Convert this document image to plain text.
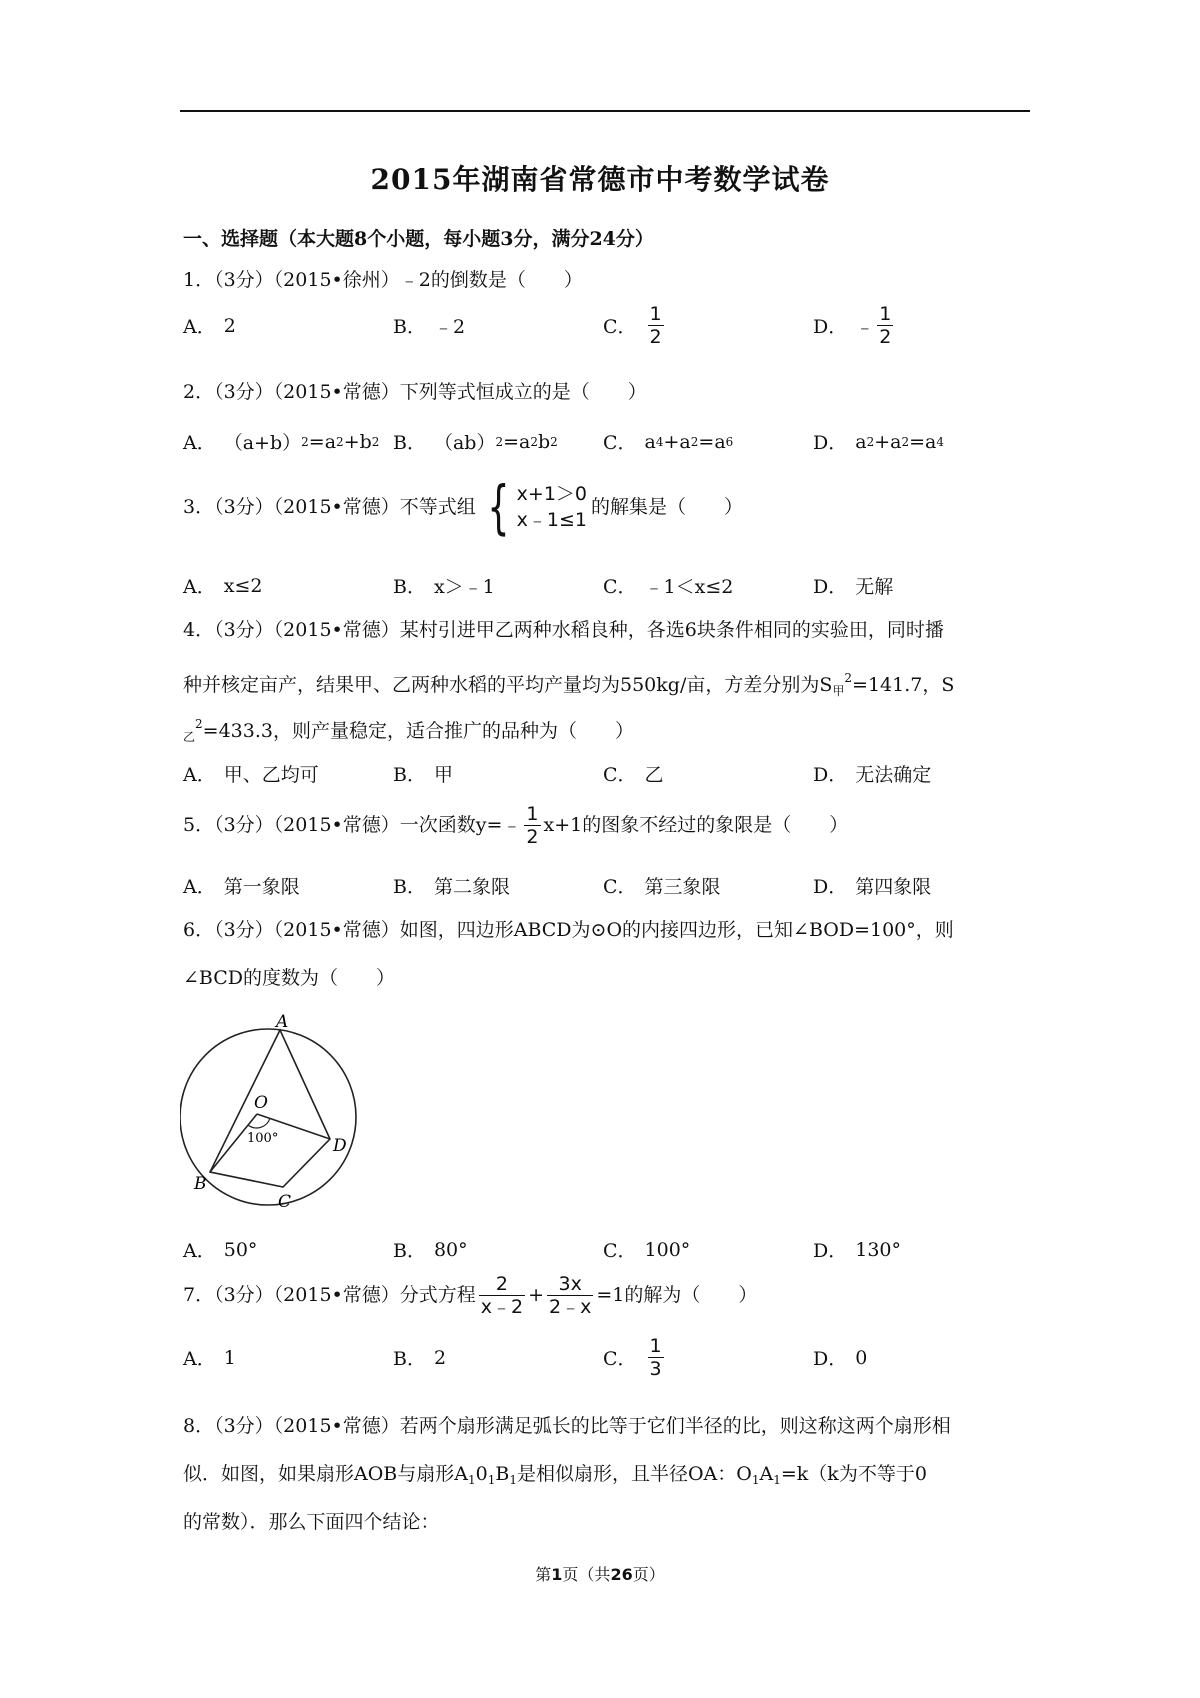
2015年湖南省常德市中考数学试卷
一、选择题（本大题8个小题，每小题3分，满分24分）
1．（3分）（2015•徐州）﹣2的倒数是（　　）
A． 2	B． ﹣2	C． $\frac{1}{2}$	D． ﹣ $\frac{1}{2}$
2．（3分）（2015•常德）下列等式恒成立的是（　　）
A． （a+b） 2 =a 2 +b 2 B． （ab） 2 =a 2 b 2 C． a 4 +a 2 =a 6	D． a 2 +a 2 =a 4
3．（3分）（2015•常德）不等式组 { x+1＞0
x﹣1≤1
的解集是（　　）
A． x≤2	B． x＞﹣1	C． ﹣1＜x≤2	D． 无解
4．（3分）（2015•常德）某村引进甲乙两种水稻良种，各选6块条件相同的实验田，同时播
种并核定亩产，结果甲、乙两种水稻的平均产量均为550kg/亩，方差分别为$S_甲^2=141.7$，S
$_乙^2$=433.3，则产量稳定，适合推广的品种为（　　）
A． 甲、乙均可	B． 甲	C． 乙	D． 无法确定
5．（3分）（2015•常德）一次函数y=﹣ $\frac{1}{2} x+1$的图象不经过的象限是（　　）
A． 第一象限	B． 第二象限	C． 第三象限	D． 第四象限
6．（3分）（2015•常德）如图，四边形ABCD为⊙O的内接四边形，已知∠BOD=100°，则
∠BCD的度数为（　　）
A
B
C
D
O
100°
A． 50°	B． 80°	C． 100°	D． 130°
7．（3分）（2015•常德）分式方程 $\frac{2}{x﹣2} + \frac{3x}{2﹣x} =1$的解为（　　）
A． 1	B． 2	C． $\frac{1}{3}$	D． 0
8．（3分）（2015•常德）若两个扇形满足弧长的比等于它们半径的比，则这称这两个扇形相
似．如图，如果扇形AOB与扇形$A_10_1B_1$是相似扇形，且半径OA：$O_1A_1=k(k$为不等于0
的常数）．那么下面四个结论：
第1页（共26页）
